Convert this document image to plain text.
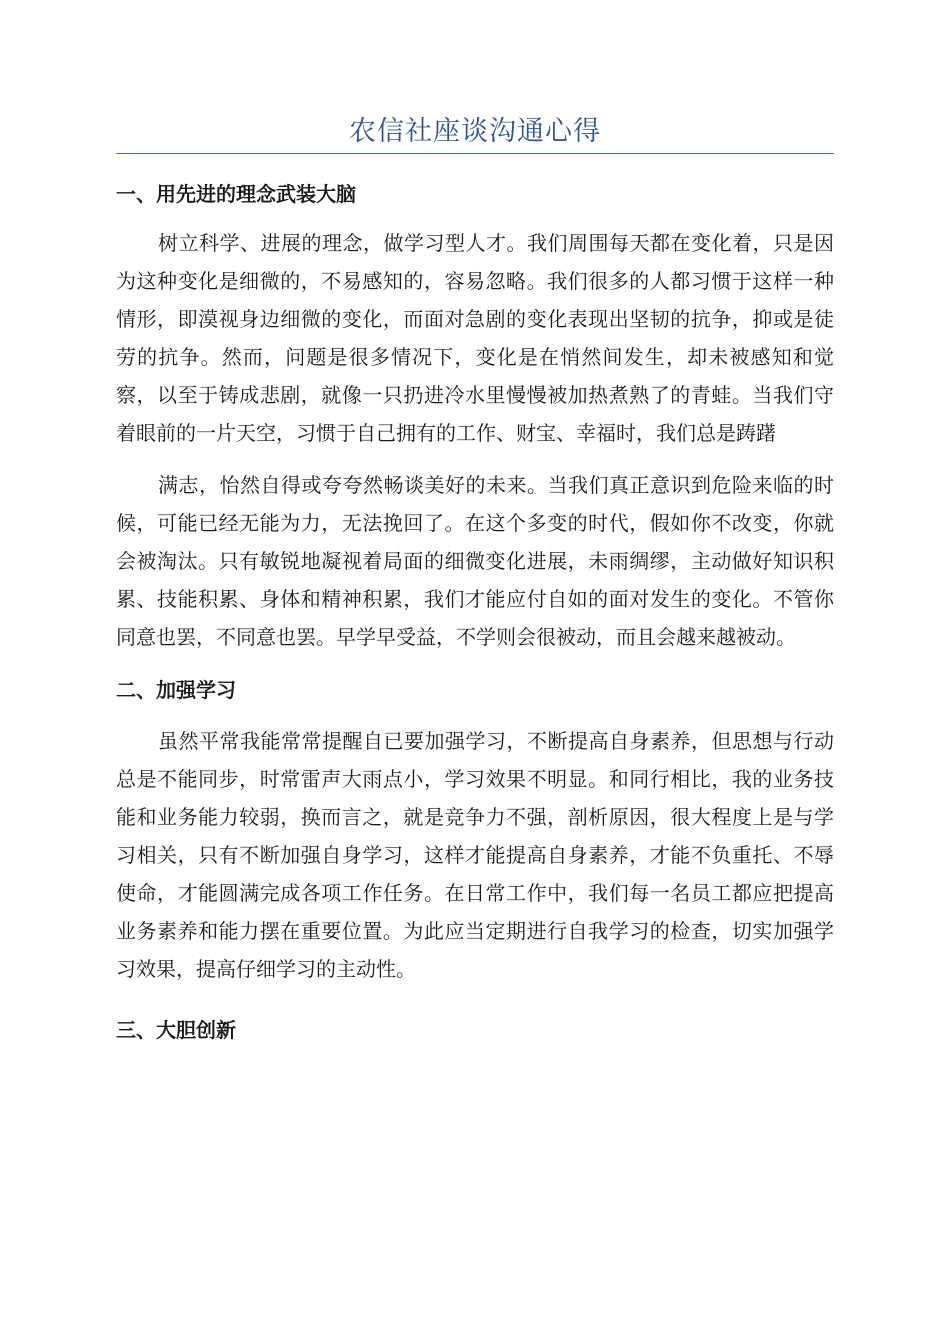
农信社座谈沟通心得

一、用先进的理念武装大脑

树立科学、进展的理念，做学习型人才。我们周围每天都在变化着，只是因为这种变化是细微的，不易感知的，容易忽略。我们很多的人都习惯于这样一种情形，即漠视身边细微的变化，而面对急剧的变化表现出坚韧的抗争，抑或是徒劳的抗争。然而，问题是很多情况下，变化是在悄然间发生，却未被感知和觉察，以至于铸成悲剧，就像一只扔进冷水里慢慢被加热煮熟了的青蛙。当我们守着眼前的一片天空，习惯于自己拥有的工作、财宝、幸福时，我们总是踌躇

满志，怡然自得或夸夸然畅谈美好的未来。当我们真正意识到危险来临的时候，可能已经无能为力，无法挽回了。在这个多变的时代，假如你不改变，你就会被淘汰。只有敏锐地凝视着局面的细微变化进展，未雨绸缪，主动做好知识积累、技能积累、身体和精神积累，我们才能应付自如的面对发生的变化。不管你同意也罢，不同意也罢。早学早受益，不学则会很被动，而且会越来越被动。

二、加强学习

虽然平常我能常常提醒自已要加强学习，不断提高自身素养，但思想与行动总是不能同步，时常雷声大雨点小，学习效果不明显。和同行相比，我的业务技能和业务能力较弱，换而言之，就是竞争力不强，剖析原因，很大程度上是与学习相关，只有不断加强自身学习，这样才能提高自身素养，才能不负重托、不辱使命，才能圆满完成各项工作任务。在日常工作中，我们每一名员工都应把提高业务素养和能力摆在重要位置。为此应当定期进行自我学习的检查，切实加强学习效果，提高仔细学习的主动性。

三、大胆创新
